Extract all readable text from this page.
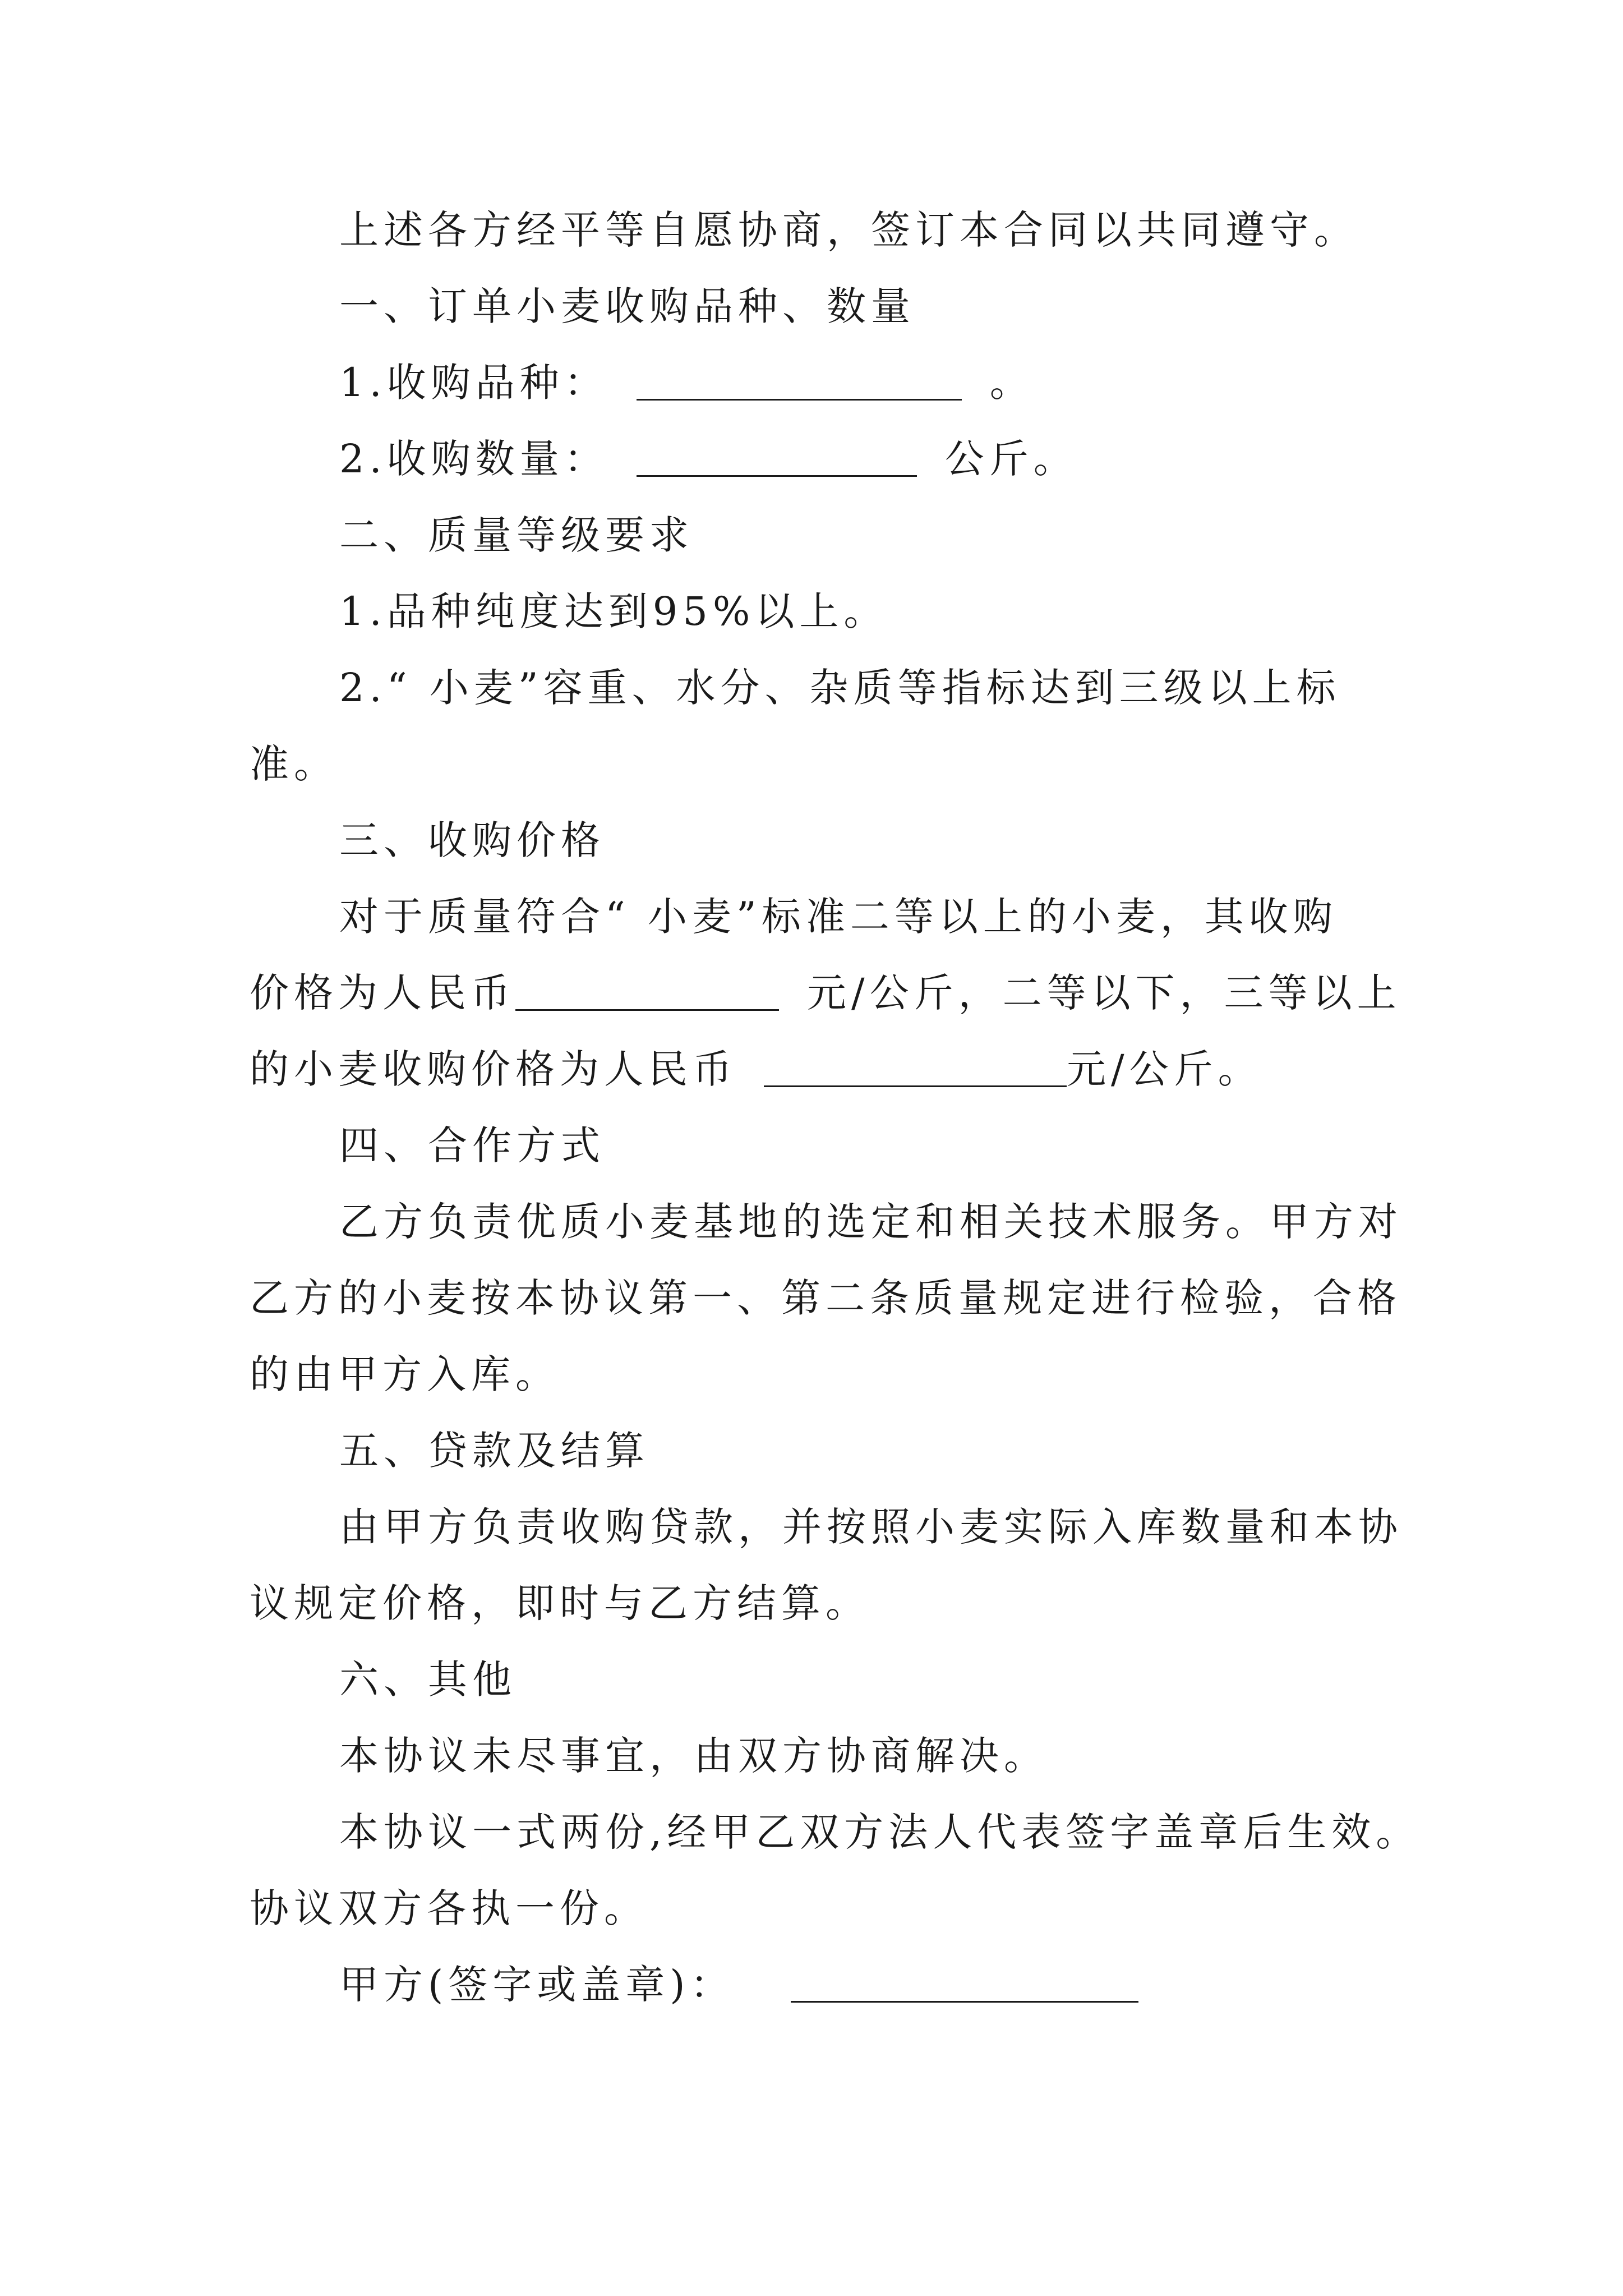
上述各方经平等自愿协商，签订本合同以共同遵守。
一、订单小麦收购品种、数量
1.收购品种：	。
2.收购数量：	公斤。
二、质量等级要求
1.品种纯度达到95%以上。
2.“ 小麦”容重、水分、杂质等指标达到三级以上标
准。
三、收购价格
对于质量符合“ 小麦”标准二等以上的小麦，其收购
价格为人民币	元/公斤，二等以下，三等以上
的小麦收购价格为人民币	元/公斤。
四、合作方式
乙方负责优质小麦基地的选定和相关技术服务。甲方对
乙方的小麦按本协议第一、第二条质量规定进行检验，合格
的由甲方入库。
五、贷款及结算
由甲方负责收购贷款，并按照小麦实际入库数量和本协
议规定价格，即时与乙方结算。
六、其他
本协议未尽事宜，由双方协商解决。
本协议一式两份,经甲乙双方法人代表签字盖章后生效。
协议双方各执一份。
甲方(签字或盖章)：
